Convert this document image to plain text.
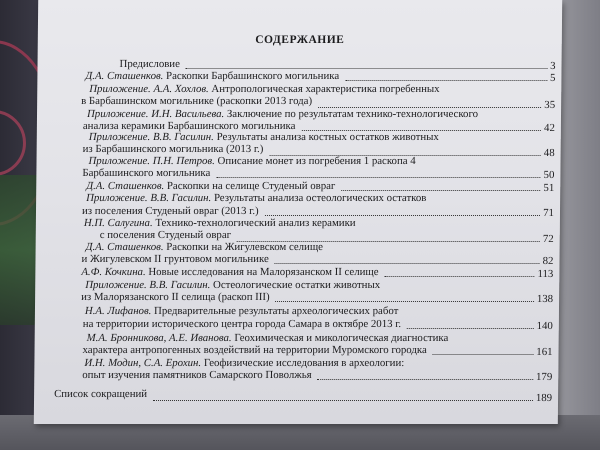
СОДЕРЖАНИЕ
Предисловие	3
Д.А. Сташенков. Раскопки Барбашинского могильника	5
Приложение. А.А. Хохлов. Антропологическая характеристика погребенных
в Барбашинском могильнике (раскопки 2013 года)	35
Приложение. И.Н. Васильева. Заключение по результатам технико-технологического
анализа керамики Барбашинского могильника	42
Приложение. В.В. Гасилин. Результаты анализа костных остатков животных
из Барбашинского могильника (2013 г.)	48
Приложение. П.Н. Петров. Описание монет из погребения 1 раскопа 4
Барбашинского могильника	50
Д.А. Сташенков. Раскопки на селище Студеный овраг	51
Приложение. В.В. Гасилин. Результаты анализа остеологических остатков
из поселения Студеный овраг (2013 г.)	71
Н.П. Салугина. Технико-технологический анализ керамики
с поселения Студеный овраг	72
Д.А. Сташенков. Раскопки на Жигулевском селище
и Жигулевском II грунтовом могильнике	82
А.Ф. Кочкина. Новые исследования на Малорязанском II селище	113
Приложение. В.В. Гасилин. Остеологические остатки животных
из Малорязанского II селища (раскоп III)	138
Н.А. Лифанов. Предварительные результаты археологических работ
на территории исторического центра города Самара в октябре 2013 г.	140
М.А. Бронникова, А.Е. Иванова. Геохимическая и микологическая диагностика
характера антропогенных воздействий на территории Муромского городка	161
И.Н. Модин, С.А. Ерохин. Геофизические исследования в археологии:
опыт изучения памятников Самарского Поволжья	179
Список сокращений	189
